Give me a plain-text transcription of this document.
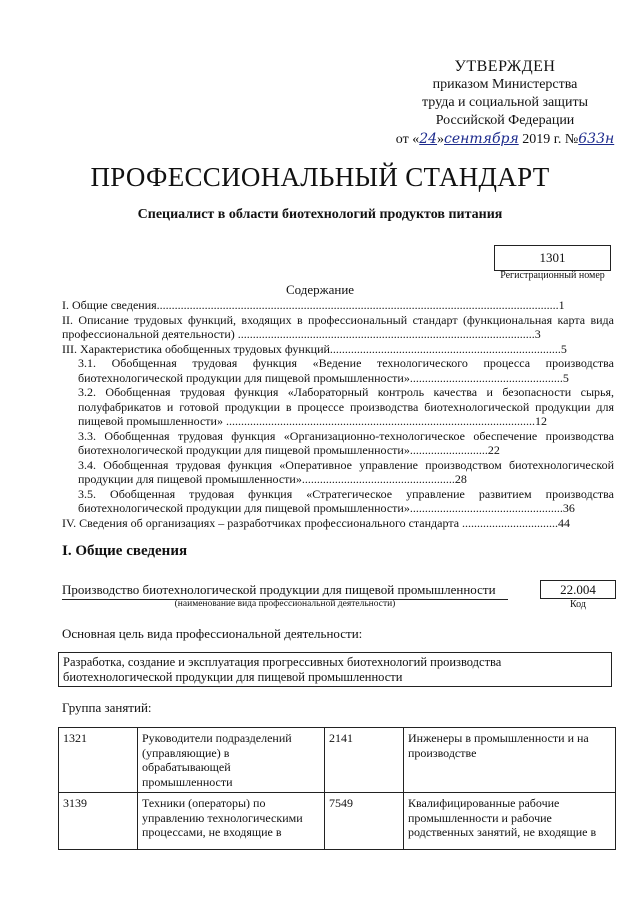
УТВЕРЖДЕН
приказом Министерства
труда и социальной защиты
Российской Федерации
от «24»сентября 2019 г. №633н
ПРОФЕССИОНАЛЬНЫЙ СТАНДАРТ
Специалист в области биотехнологий продуктов питания
1301
Регистрационный номер
Содержание
I. Общие сведения......................................................................................................................................1
II. Описание трудовых функций, входящих в профессиональный стандарт (функциональная карта вида профессиональной деятельности) ...................................................................................................3
III. Характеристика обобщенных трудовых функций.............................................................................5
3.1. Обобщенная трудовая функция «Ведение технологического процесса производства биотехнологической продукции для пищевой промышленности»...................................................5
3.2. Обобщенная трудовая функция «Лабораторный контроль качества и безопасности сырья, полуфабрикатов и готовой продукции в процессе производства биотехнологической продукции для пищевой промышленности» .......................................................................................................12
3.3. Обобщенная трудовая функция «Организационно-технологическое обеспечение производства биотехнологической продукции для пищевой промышленности»..........................22
3.4. Обобщенная трудовая функция «Оперативное управление производством биотехнологической продукции для пищевой промышленности»...................................................28
3.5. Обобщенная трудовая функция «Стратегическое управление развитием производства биотехнологической продукции для пищевой промышленности»...................................................36
IV. Сведения об организациях – разработчиках профессионального стандарта ................................44
I. Общие сведения
Производство биотехнологической продукции для пищевой промышленности
(наименование вида профессиональной деятельности)
22.004
Код
Основная цель вида профессиональной деятельности:
Разработка, создание и эксплуатация прогрессивных биотехнологий производства биотехнологической продукции для пищевой промышленности
Группа занятий:
1321	Руководители подразделений (управляющие) в обрабатывающей промышленности	2141	Инженеры в промышленности и на производстве
3139	Техники (операторы) по управлению технологическими процессами, не входящие в	7549	Квалифицированные рабочие промышленности и рабочие родственных занятий, не входящие в
